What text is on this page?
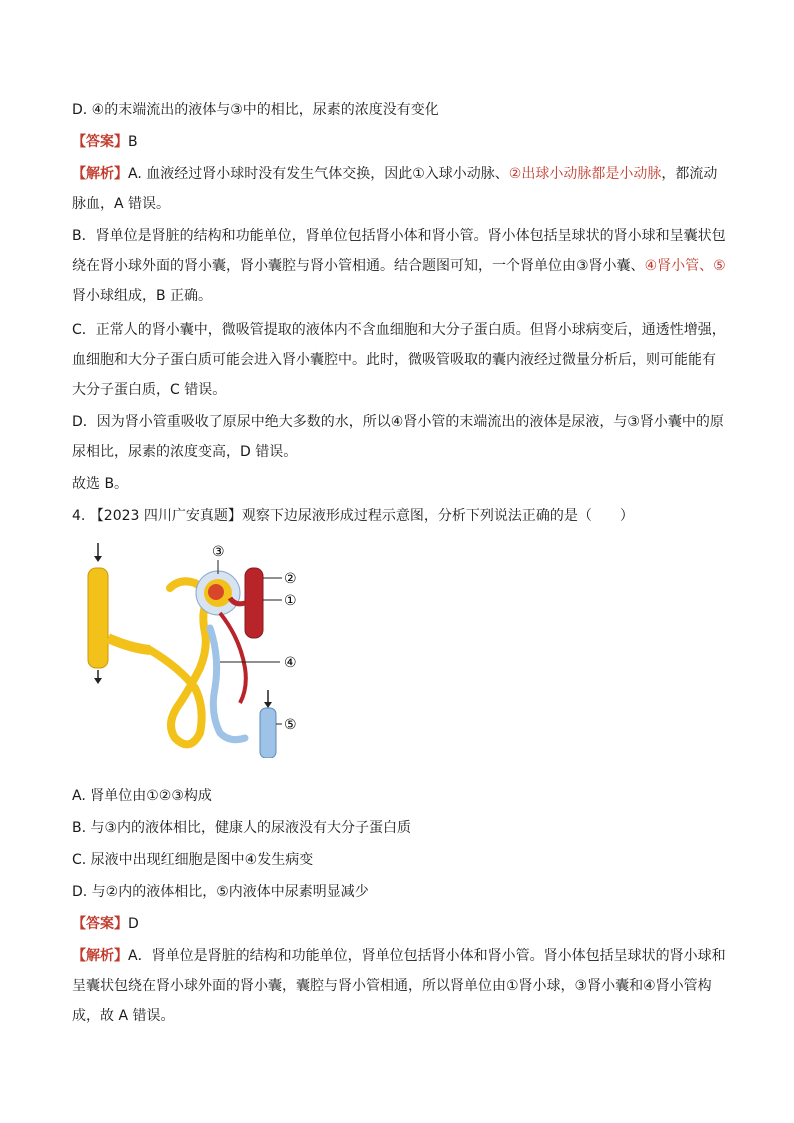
D. ④的末端流出的液体与③中的相比，尿素的浓度没有变化
【答案】B
【解析】A. 血液经过肾小球时没有发生气体交换，因此①入球小动脉、②出球小动脉都是小动脉，都流动
脉血，A 错误。
B．肾单位是肾脏的结构和功能单位，肾单位包括肾小体和肾小管。肾小体包括呈球状的肾小球和呈囊状包
绕在肾小球外面的肾小囊，肾小囊腔与肾小管相通。结合题图可知，一个肾单位由③肾小囊、④肾小管、⑤
肾小球组成，B 正确。
C．正常人的肾小囊中，微吸管提取的液体内不含血细胞和大分子蛋白质。但肾小球病变后，通透性增强，
血细胞和大分子蛋白质可能会进入肾小囊腔中。此时，微吸管吸取的囊内液经过微量分析后，则可能能有
大分子蛋白质，C 错误。
D．因为肾小管重吸收了原尿中绝大多数的水，所以④肾小管的末端流出的液体是尿液，与③肾小囊中的原
尿相比，尿素的浓度变高，D 错误。
故选 B。
4. 【2023 四川广安真题】观察下边尿液形成过程示意图，分析下列说法正确的是（　　）
③
②
①
④
⑤
A. 肾单位由①②③构成
B. 与③内的液体相比，健康人的尿液没有大分子蛋白质
C. 尿液中出现红细胞是图中④发生病变
D. 与②内的液体相比，⑤内液体中尿素明显减少
【答案】D
【解析】A．肾单位是肾脏的结构和功能单位，肾单位包括肾小体和肾小管。肾小体包括呈球状的肾小球和
呈囊状包绕在肾小球外面的肾小囊，囊腔与肾小管相通，所以肾单位由①肾小球，③肾小囊和④肾小管构
成，故 A 错误。
